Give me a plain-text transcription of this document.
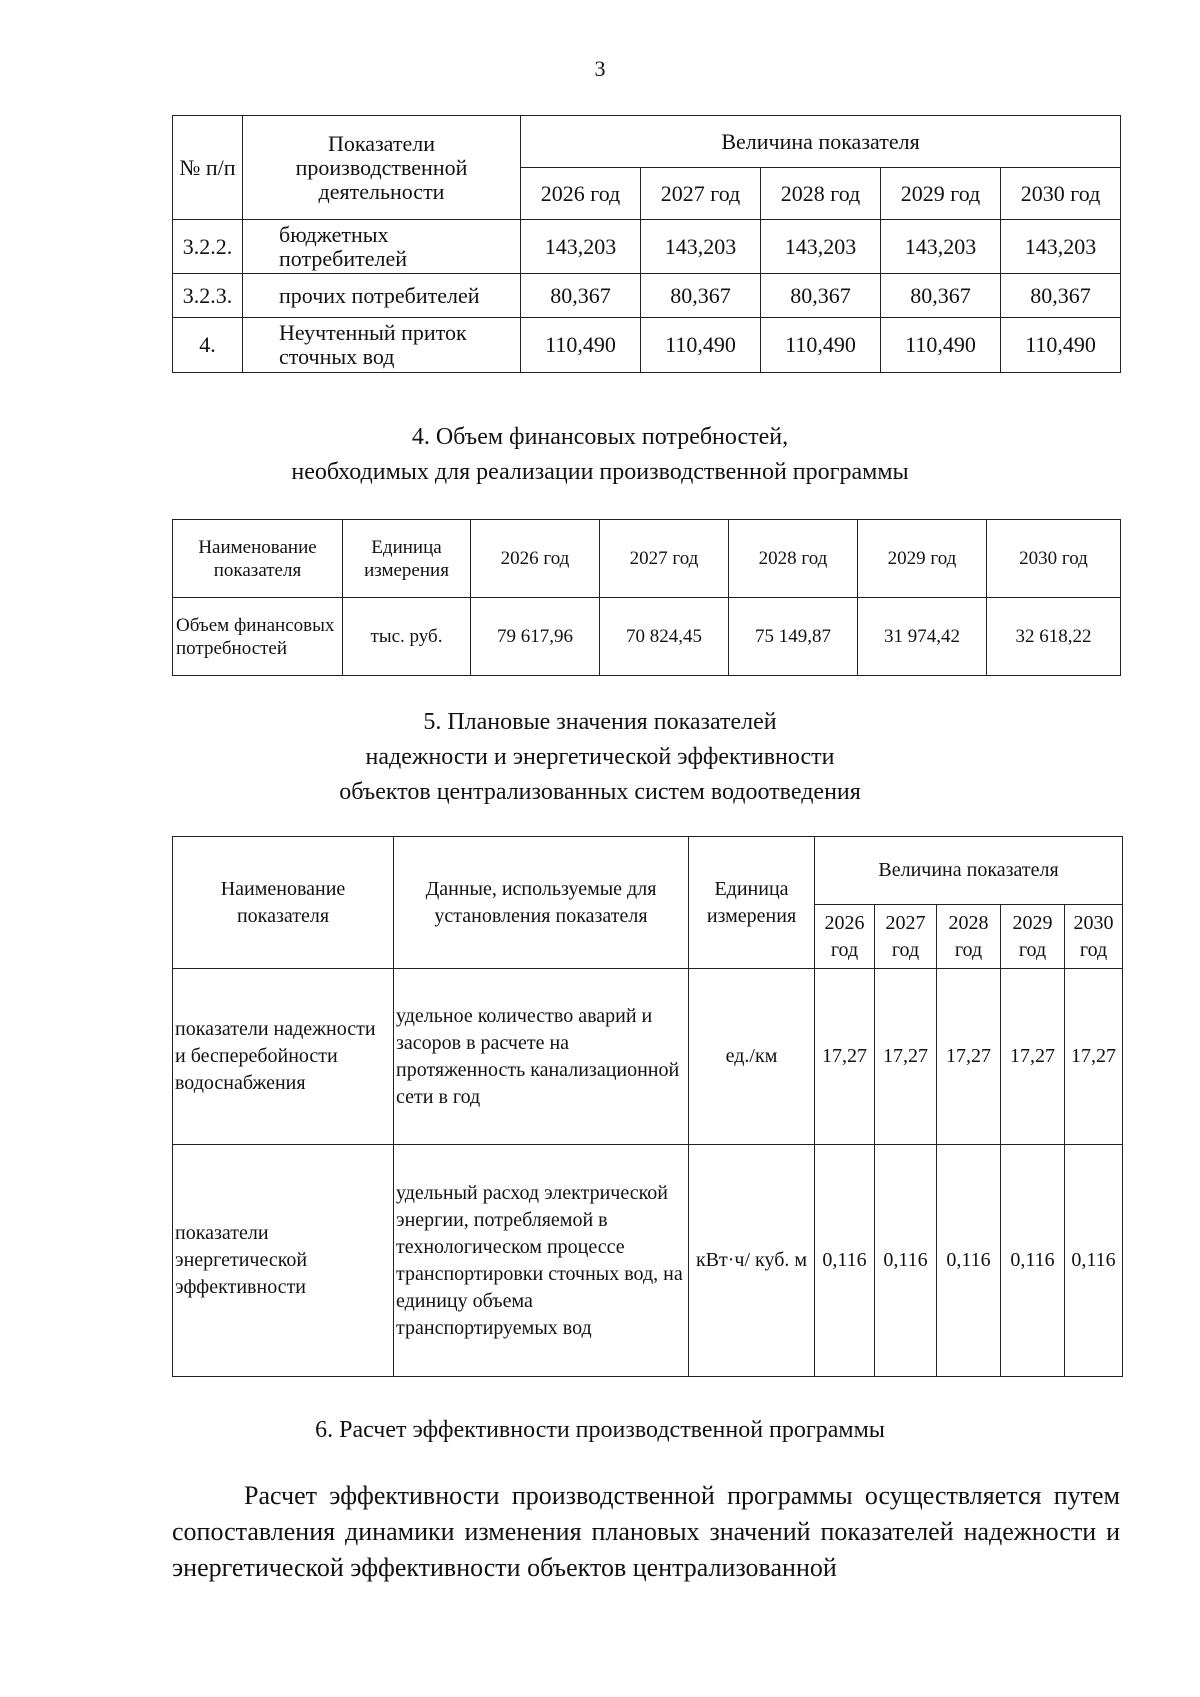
3
№ п/п	Показатели производственной деятельности	Величина показателя				
		2026 год	2027 год	2028 год	2029 год	2030 год
3.2.2.	бюджетных потребителей	143,203	143,203	143,203	143,203	143,203
3.2.3.	прочих потребителей	80,367	80,367	80,367	80,367	80,367
4.	Неучтенный приток сточных вод	110,490	110,490	110,490	110,490	110,490
4. Объем финансовых потребностей,
необходимых для реализации производственной программы
Наименование показателя	Единица измерения	2026 год	2027 год	2028 год	2029 год	2030 год
Объем финансовых потребностей	тыс. руб.	79 617,96	70 824,45	75 149,87	31 974,42	32 618,22
5. Плановые значения показателей
надежности и энергетической эффективности
объектов централизованных систем водоотведения
Наименование показателя	Данные, используемые для установления показателя	Единица измерения	Величина показателя				
			2026 год	2027 год	2028 год	2029 год	2030 год
показатели надежности и бесперебойности водоснабжения	удельное количество аварий и засоров в расчете на протяженность канализационной сети в год	ед./км	17,27	17,27	17,27	17,27	17,27
показатели энергетической эффективности	удельный расход электрической энергии, потребляемой в технологическом процессе транспортировки сточных вод, на единицу объема транспортируемых вод	кВт·ч/ куб. м	0,116	0,116	0,116	0,116	0,116
6. Расчет эффективности производственной программы

Расчет эффективности производственной программы осуществляется путем сопоставления динамики изменения плановых значений показателей надежности и энергетической эффективности объектов централизованной
